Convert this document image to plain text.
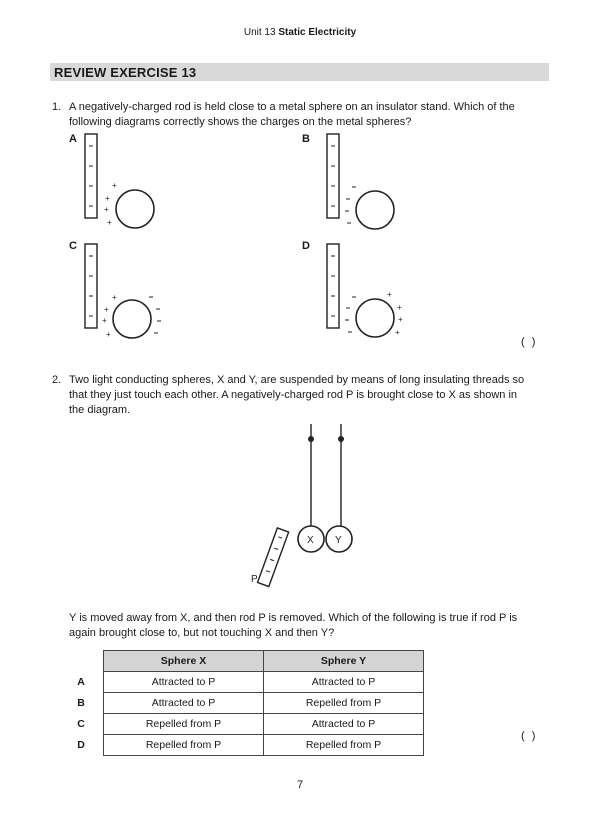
Unit 13 Static Electricity
REVIEW EXERCISE 13
1. A negatively-charged rod is held close to a metal sphere on an insulator stand. Which of the
following diagrams correctly shows the charges on the metal spheres?
A	B
C	D
+
+
+
+
+
+
+
+
+
+
+
+
( )
2. Two light conducting spheres, X and Y, are suspended by means of long insulating threads so
that they just touch each other. A negatively-charged rod P is brought close to X as shown in
the diagram.
X Y
P
Y is moved away from X, and then rod P is removed. Which of the following is true if rod P is
again brought close to, but not touching X and then Y?
	Sphere X	Sphere Y
A	Attracted to P	Attracted to P
B	Attracted to P	Repelled from P
C	Repelled from P	Attracted to P
D	Repelled from P	Repelled from P
( )
7
